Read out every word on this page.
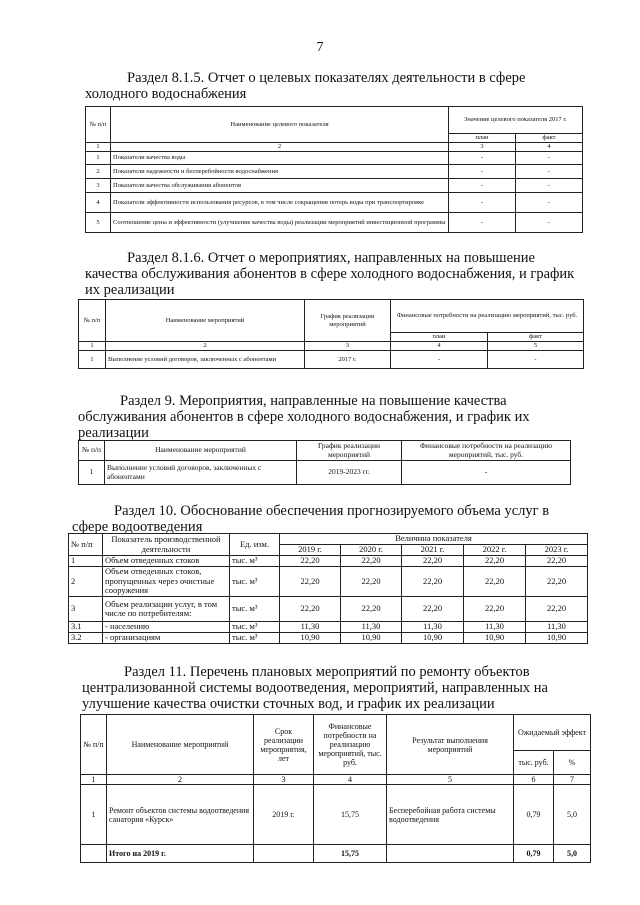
7
Раздел 8.1.5. Отчет о целевых показателях деятельности в сфере
холодного водоснабжения
№ п/п	Наименование целевого показателя	Значение целевого показателя 2017 г.	
		план	факт
1	2	3	4
1	Показатели качества воды	-	-
2	Показатели надежности и бесперебойности водоснабжения	-	-
3	Показатели качества обслуживания абонентов	-	-
4	Показатели эффективности использования ресурсов, в том числе сокращения потерь воды при транспортировке	-	-
5	Соотношение цены и эффективности (улучшение качества воды) реализации мероприятий инвестиционной программы	-	-
Раздел 8.1.6. Отчет о мероприятиях, направленных на повышение
качества обслуживания абонентов в сфере холодного водоснабжения, и график
их реализации
№ п/п	Наименование мероприятий	График реализации мероприятий	Финансовые потребности на реализацию мероприятий, тыс. руб.	
			план	факт
1	2	3	4	5
1	Выполнение условий договоров, заключенных с абонентами	2017 г.	-	-
Раздел 9. Мероприятия, направленные на повышение качества
обслуживания абонентов в сфере холодного водоснабжения, и график их
реализации
№ п/п	Наименование мероприятий	График реализации мероприятий	Финансовые потребности на реализацию мероприятий, тыс. руб.
1	Выполнение условий договоров, заключенных с абонентами	2019-2023 гг.	-
Раздел 10. Обоснование обеспечения прогнозируемого объема услуг в
сфере водоотведения
№ п/п	Показатель производственной деятельности	Ед. изм.	Величина показателя				
			2019 г.	2020 г.	2021 г.	2022 г.	2023 г.
1	Объем отведенных стоков	тыс. м³	22,20	22,20	22,20	22,20	22,20
2	Объем отведенных стоков, пропущенных через очистные сооружения	тыс. м³	22,20	22,20	22,20	22,20	22,20
3	Объем реализации услуг, в том числе по потребителям:	тыс. м³	22,20	22,20	22,20	22,20	22,20
3.1	- населению	тыс. м³	11,30	11,30	11,30	11,30	11,30
3.2	- организациям	тыс. м³	10,90	10,90	10,90	10,90	10,90
Раздел 11. Перечень плановых мероприятий по ремонту объектов
централизованной системы водоотведения, мероприятий, направленных на
улучшение качества очистки сточных вод, и график их реализации
№ п/п	Наименование мероприятий	Срок реализации мероприятия, лет	Финансовые потребности на реализацию мероприятий, тыс. руб.	Результат выполнения мероприятий	Ожидаемый эффект	
					тыс. руб.	%
1	2	3	4	5	6	7
1	Ремонт объектов системы водоотведения санатория «Курск»	2019 г.	15,75	Бесперебойная работа системы водоотведения	0,79	5,0
	Итого на 2019 г.		15,75		0,79	5,0
